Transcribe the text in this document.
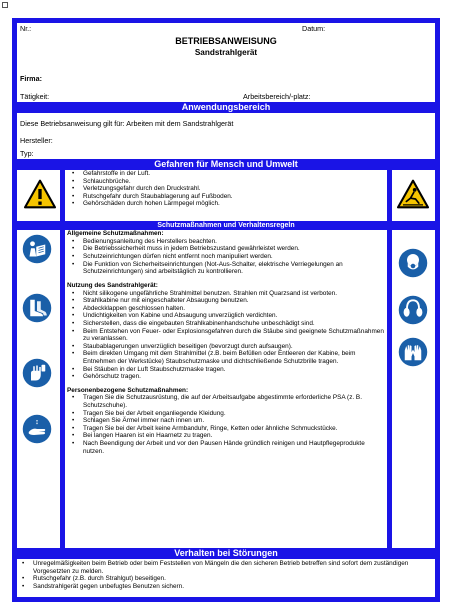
Nr.:	Datum:
BETRIEBSANWEISUNG
Sandstrahlgerät
Firma:
Tätigkeit:	Arbeitsbereich/-platz:
Anwendungsbereich
Diese Betriebsanweisung gilt für: Arbeiten mit dem Sandstrahlgerät
Hersteller:
Typ:
Gefahren für Mensch und Umwelt
• Gefahrstoffe in der Luft.
• Schlauchbrüche.
• Verletzungsgefahr durch den Druckstrahl.
• Rutschgefahr durch Staubablagerung auf Fußboden.
• Gehörschäden durch hohen Lärmpegel möglich.
Schutzmaßnahmen und Verhaltensregeln
Allgemeine Schutzmaßnahmen:
• Bedienungsanleitung des Herstellers beachten.
• Die Betriebssicherheit muss in jedem Betriebszustand gewährleistet werden.
• Schutzeinrichtungen dürfen nicht entfernt noch manipuliert werden.
• Die Funktion von Sicherheitseinrichtungen (Not-Aus-Schalter, elektrische Verriegelungen an Schutzeinrichtungen) sind arbeitstäglich zu kontrollieren.
Nutzung des Sandstrahlgerät:
• Nicht silikogene ungefährliche Strahlmittel benutzen. Strahlen mit Quarzsand ist verboten.
• Strahlkabine nur mit eingeschalteter Absaugung benutzen.
• Abdeckklappen geschlossen halten.
• Undichtigkeiten von Kabine und Absaugung unverzüglich verdichten.
• Sicherstellen, dass die eingebauten Strahlkabinenhandschuhe unbeschädigt sind.
• Beim Entstehen von Feuer- oder Explosionsgefahren durch die Stäube sind geeignete Schutzmaßnahmen zu veranlassen.
• Staubablagerungen unverzüglich beseitigen (bevorzugt durch aufsaugen).
• Beim direkten Umgang mit dem Strahlmittel (z.B. beim Befüllen oder Entleeren der Kabine, beim Entnehmen der Werkstücke) Staubschutzmaske und dichtschließende Schutzbrille tragen.
• Bei Stäuben in der Luft Staubschutzmaske tragen.
• Gehörschutz tragen.
Personenbezogene Schutzmaßnahmen:
• Tragen Sie die Schutzausrüstung, die auf der Arbeitsaufgabe abgestimmte erforderliche PSA (z. B. Schutzschuhe).
• Tragen Sie bei der Arbeit enganliegende Kleidung.
• Schlagen Sie Ärmel immer nach innen um.
• Tragen Sie bei der Arbeit keine Armbanduhr, Ringe, Ketten oder ähnliche Schmuckstücke.
• Bei langen Haaren ist ein Haarnetz zu tragen.
• Nach Beendigung der Arbeit und vor den Pausen Hände gründlich reinigen und Hautpflegeprodukte nutzen.
Verhalten bei Störungen
• Unregelmäßigkeiten beim Betrieb oder beim Feststellen von Mängeln die den sicheren Betrieb betreffen sind sofort dem zuständigen Vorgesetzten zu melden.
• Rutschgefahr (z.B. durch Strahlgut) beseitigen.
• Sandstrahlgerät gegen unbefugtes Benutzen sichern.
